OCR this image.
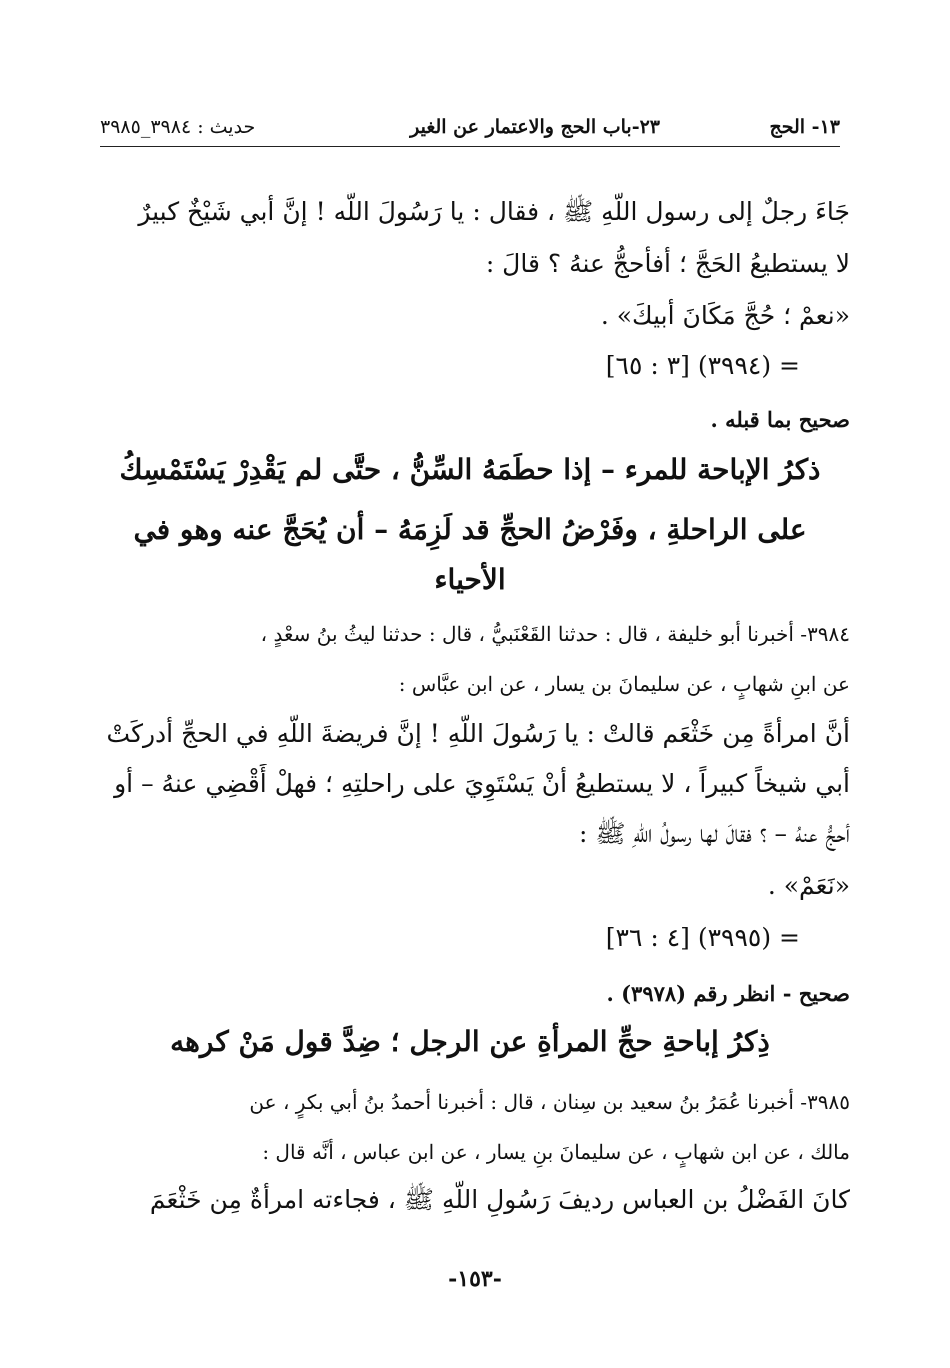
١٣- الحج
٢٣-باب الحج والاعتمار عن الغير
حديث : ٣٩٨٤_٣٩٨٥
جَاءَ رجلٌ إلى رسول اللّهِ ﷺ ، فقال : يا رَسُولَ اللَّه ! إنَّ أبي شَيْخٌ كبيرٌ
لا يستطيعُ الحَجَّ ؛ أفأحجُّ عنهُ ؟ قالَ :
«نعمْ ؛ حُجَّ مَكَانَ أبيكَ» .
= (٣٩٩٤) [٣ : ٦٥]
صحيح بما قبله .
ذكرُ الإباحة للمرء – إذا حطَمَهُ السِّنُّ ، حتَّى لم يَقْدِرْ يَسْتَمْسِكُ
على الراحلةِ ، وفَرْضُ الحجِّ قد لَزِمَهُ – أن يُحَجَّ عنه وهو في
الأحياء
٣٩٨٤- أخبرنا أبو خليفة ، قال : حدثنا القَعْنَبيُّ ، قال : حدثنا ليثُ بنُ سعْدٍ ،
عن ابنِ شهابٍ ، عن سليمانَ بن يسار ، عن ابن عبَّاس :
أنَّ امرأةً مِن خَثْعَم قالتْ : يا رَسُولَ اللّهِ ! إنَّ فريضةَ اللّهِ في الحجِّ أدركَتْ
أبي شيخاً كبيراً ، لا يستطيعُ أنْ يَسْتَوِيَ على راحلتِهِ ؛ فهلْ أَقْضِي عنهُ – أو
أحجُّ عنهُ – ؟ فقالَ لها رسولُ اللّهِ ﷺ :
«نَعَمْ» .
= (٣٩٩٥) [٤ : ٣٦]
صحيح - انظر رقم (٣٩٧٨) .
ذِكرُ إباحةِ حجِّ المرأةِ عن الرجل ؛ ضِدَّ قول مَنْ كرهه
٣٩٨٥- أخبرنا عُمَرُ بنُ سعيد بن سِنان ، قال : أخبرنا أحمدُ بنُ أبي بكرٍ ، عن
مالك ، عن ابن شهابٍ ، عن سليمانَ بنِ يسار ، عن ابن عباس ، أنَّه قال :
كانَ الفَضْلُ بن العباس رديفَ رَسُولِ اللّهِ ﷺ ، فجاءته امرأةٌ مِن خَثْعَمَ
-١٥٣-
